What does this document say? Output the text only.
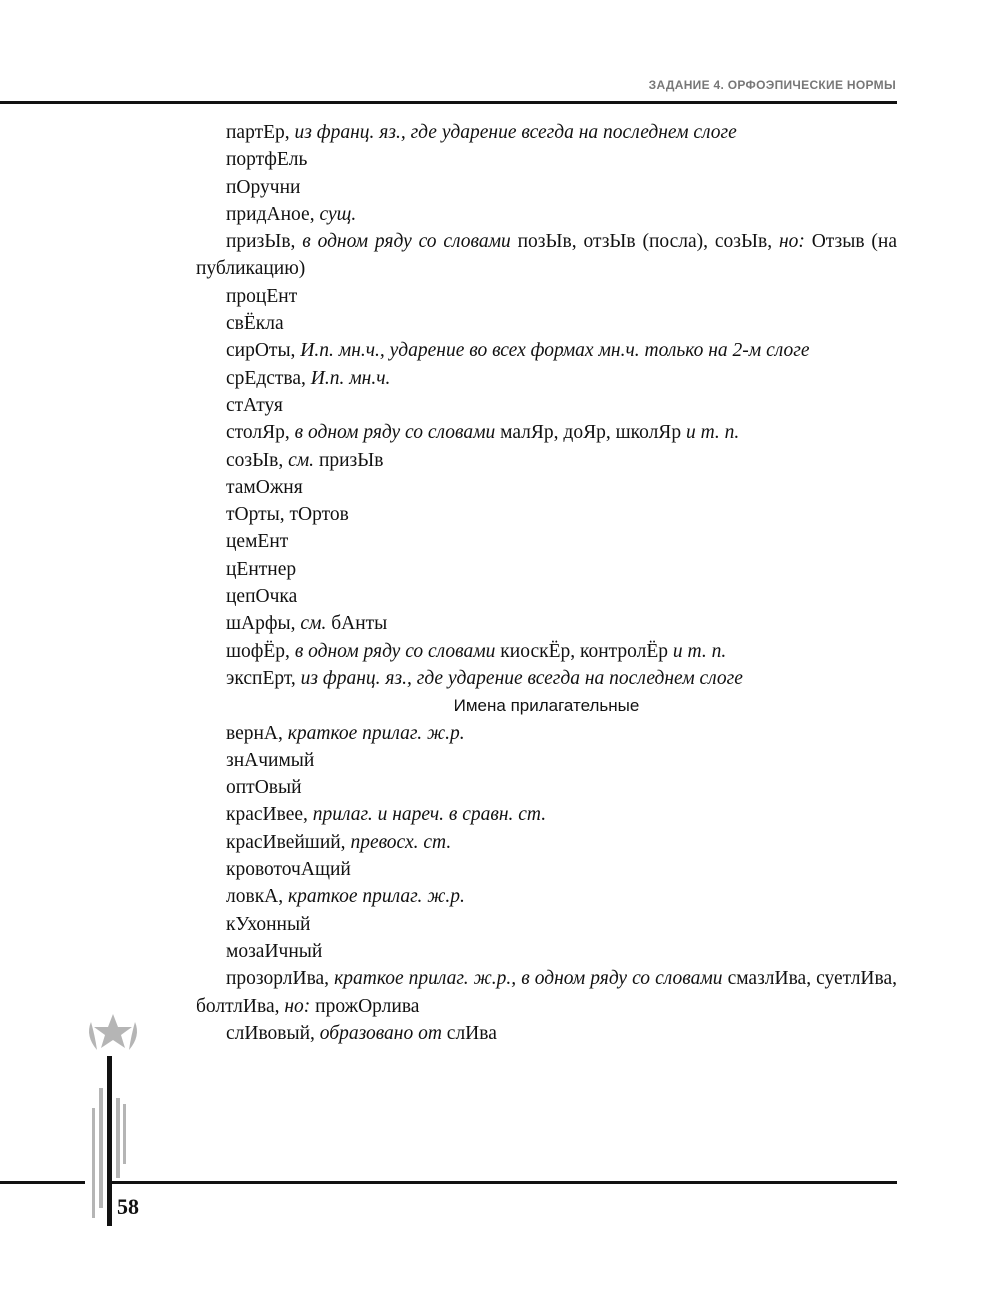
ЗАДАНИЕ 4. ОРФОЭПИЧЕСКИЕ НОРМЫ

партЕр, из франц. яз., где ударение всегда на последнем слоге

портфЕль

пОручни

придАное, сущ.

призЫв, в одном ряду со словами позЫв, отзЫв (посла), созЫв, но: Отзыв (на публикацию)

процЕнт

свЁкла

сирОты, И.п. мн.ч., ударение во всех формах мн.ч. только на 2-м слоге

срЕдства, И.п. мн.ч.

стАтуя

столЯр, в одном ряду со словами малЯр, доЯр, школЯр и т. п.

созЫв, см. призЫв

тамОжня

тОрты, тОртов

цемЕнт

цЕнтнер

цепОчка

шАрфы, см. бАнты

шофЁр, в одном ряду со словами киоскЁр, контролЁр и т. п.

экспЕрт, из франц. яз., где ударение всегда на последнем слоге

Имена прилагательные

вернА, краткое прилаг. ж.р.

знАчимый

оптОвый

красИвее, прилаг. и нареч. в сравн. ст.

красИвейший, превосх. ст.

кровоточАщий

ловкА, краткое прилаг. ж.р.

кУхонный

мозаИчный

прозорлИва, краткое прилаг. ж.р., в одном ряду со словами смазлИва, суетлИва, болтлИва, но: прожОрлива

слИвовый, образовано от слИва

58
